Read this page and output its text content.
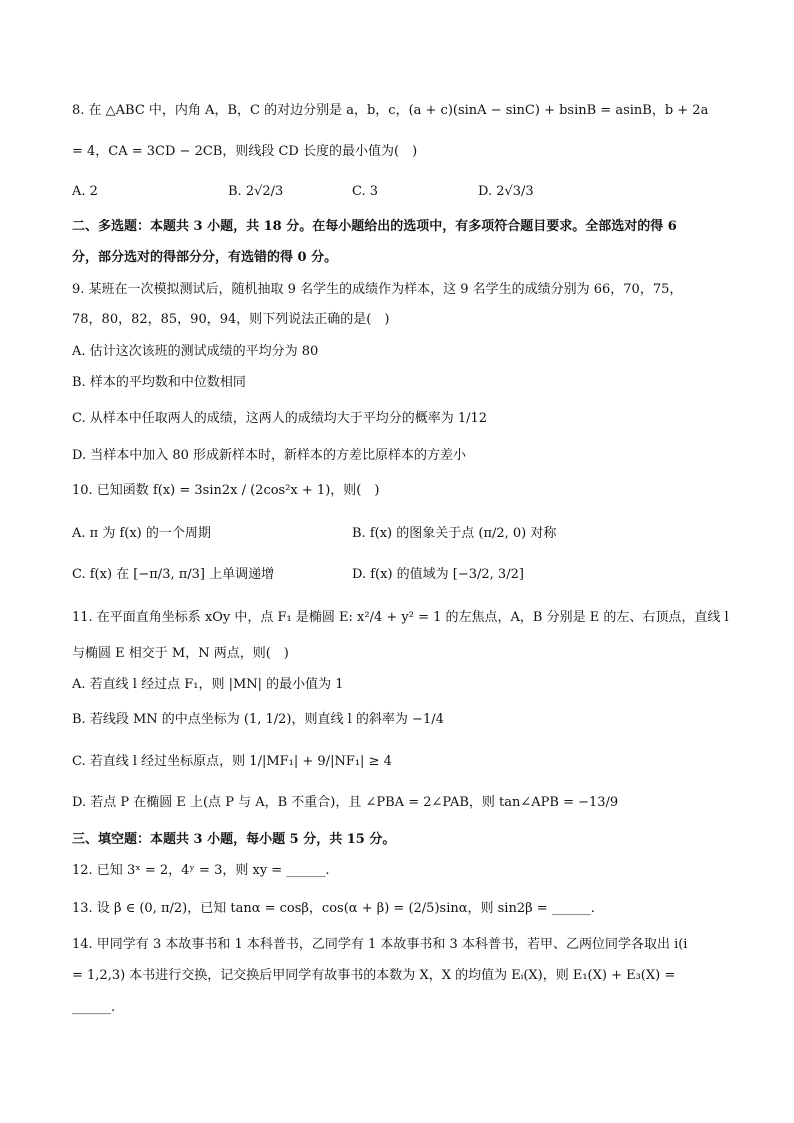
8. 在 △ABC 中，内角 A，B，C 的对边分别是 a，b，c，(a + c)(sinA − sinC) + bsinB = asinB，b + 2a
= 4，CA = 3CD − 2CB，则线段 CD 长度的最小值为(　)
A. 2	B. 2√2/3	C. 3	D. 2√3/3
二、多选题：本题共 3 小题，共 18 分。在每小题给出的选项中，有多项符合题目要求。全部选对的得 6
分，部分选对的得部分分，有选错的得 0 分。
9. 某班在一次模拟测试后，随机抽取 9 名学生的成绩作为样本，这 9 名学生的成绩分别为 66，70，75，
78，80，82，85，90，94，则下列说法正确的是(　)
A. 估计这次该班的测试成绩的平均分为 80
B. 样本的平均数和中位数相同
C. 从样本中任取两人的成绩，这两人的成绩均大于平均分的概率为 1/12
D. 当样本中加入 80 形成新样本时，新样本的方差比原样本的方差小
10. 已知函数 f(x) = 3sin2x / (2cos²x + 1)，则(　)
A. π 为 f(x) 的一个周期	B. f(x) 的图象关于点 (π/2, 0) 对称
C. f(x) 在 [−π/3, π/3] 上单调递增	D. f(x) 的值域为 [−3/2, 3/2]
11. 在平面直角坐标系 xOy 中，点 F₁ 是椭圆 E: x²/4 + y² = 1 的左焦点，A，B 分别是 E 的左、右顶点，直线 l
与椭圆 E 相交于 M，N 两点，则(　)
A. 若直线 l 经过点 F₁，则 |MN| 的最小值为 1
B. 若线段 MN 的中点坐标为 (1, 1/2)，则直线 l 的斜率为 −1/4
C. 若直线 l 经过坐标原点，则 1/|MF₁| + 9/|NF₁| ≥ 4
D. 若点 P 在椭圆 E 上(点 P 与 A，B 不重合)，且 ∠PBA = 2∠PAB，则 tan∠APB = −13/9
三、填空题：本题共 3 小题，每小题 5 分，共 15 分。
12. 已知 3ˣ = 2，4ʸ = 3，则 xy = ______.
13. 设 β ∈ (0, π/2)，已知 tanα = cosβ，cos(α + β) = (2/5)sinα，则 sin2β = ______.
14. 甲同学有 3 本故事书和 1 本科普书，乙同学有 1 本故事书和 3 本科普书，若甲、乙两位同学各取出 i(i
= 1,2,3) 本书进行交换，记交换后甲同学有故事书的本数为 X，X 的均值为 Eᵢ(X)，则 E₁(X) + E₃(X) =
______.
